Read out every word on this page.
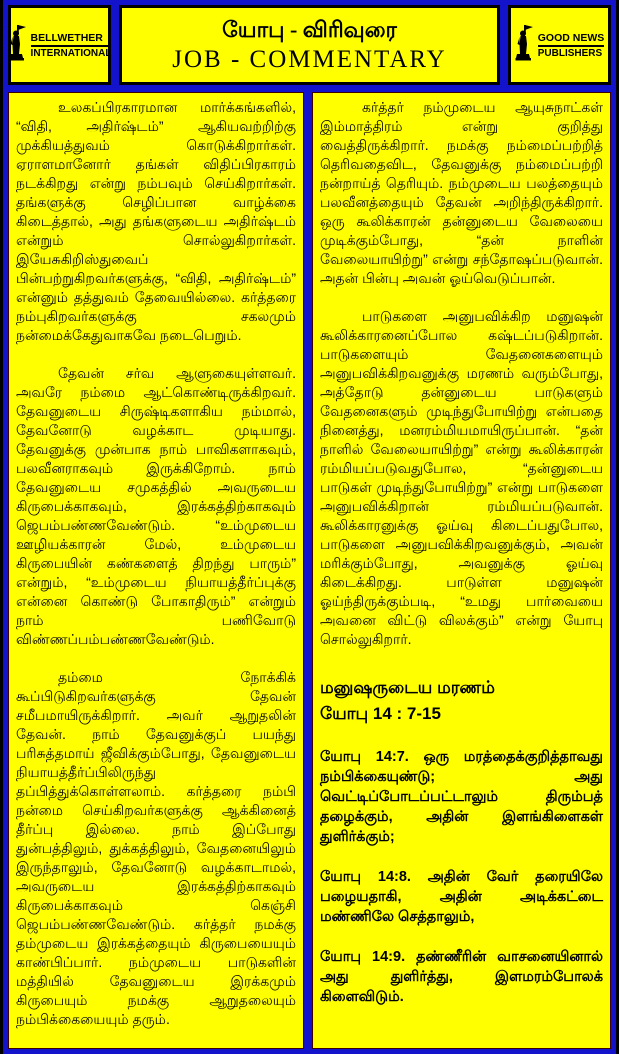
BELLWETHER
INTERNATIONAL
யோபு - விரிவுரை
JOB - COMMENTARY
GOOD NEWS
PUBLISHERS

உலகப்பிரகாரமான மார்க்கங்களில், “விதி, அதிர்ஷ்டம்” ஆகியவற்றிற்கு முக்கியத்துவம் கொடுக்கிறார்கள். ஏராளமானோர் தங்கள் விதிப்பிரகாரம் நடக்கிறது என்று நம்பவும் செய்கிறார்கள். தங்களுக்கு செழிப்பான வாழ்க்கை கிடைத்தால், அது தங்களுடைய அதிர்ஷ்டம் என்றும் சொல்லுகிறார்கள். இயேசுகிறிஸ்துவைப் பின்பற்றுகிறவர்களுக்கு, “விதி, அதிர்ஷ்டம்” என்னும் தத்துவம் தேவையில்லை. கர்த்தரை நம்புகிறவர்களுக்கு சகலமும் நன்மைக்கேதுவாகவே நடைபெறும்.

தேவன் சர்வ ஆளுகையுள்ளவர். அவரே நம்மை ஆட்கொண்டிருக்கிறவர். தேவனுடைய சிருஷ்டிகளாகிய நம்மால், தேவனோடு வழக்காட முடியாது. தேவனுக்கு முன்பாக நாம் பாவிகளாகவும், பலவீனராகவும் இருக்கிறோம். நாம் தேவனுடைய சமுகத்தில் அவருடைய கிருபைக்காகவும், இரக்கத்திற்காகவும் ஜெபம்பண்ணவேண்டும். “உம்முடைய ஊழியக்காரன் மேல், உம்முடைய கிருபையின் கண்களைத் திறந்து பாரும்” என்றும், “உம்முடைய நியாயத்தீர்ப்புக்கு என்னை கொண்டு போகாதிரும்” என்றும் நாம் பணிவோடு விண்ணப்பம்பண்ணவேண்டும்.

தம்மை நோக்கிக் கூப்பிடுகிறவர்களுக்கு தேவன் சமீபமாயிருக்கிறார். அவர் ஆறுதலின் தேவன். நாம் தேவனுக்குப் பயந்து பரிசுத்தமாய் ஜீவிக்கும்போது, தேவனுடைய நியாயத்தீர்ப்பிலிருந்து தப்பித்துக்கொள்ளலாம். கர்த்தரை நம்பி நன்மை செய்கிறவர்களுக்கு ஆக்கினைத் தீர்ப்பு இல்லை. நாம் இப்போது துன்பத்திலும், துக்கத்திலும், வேதனையிலும் இருந்தாலும், தேவனோடு வழக்காடாமல், அவருடைய இரக்கத்திற்காகவும் கிருபைக்காகவும் கெஞ்சி ஜெபம்பண்ணவேண்டும். கர்த்தர் நமக்கு தம்முடைய இரக்கத்தையும் கிருபையையும் காண்பிப்பார். நம்முடைய பாடுகளின் மத்தியில் தேவனுடைய இரக்கமும் கிருபையும் நமக்கு ஆறுதலையும் நம்பிக்கையையும் தரும்.

கர்த்தர் நம்முடைய ஆயுசுநாட்கள் இம்மாத்திரம் என்று குறித்து வைத்திருக்கிறார். நமக்கு நம்மைப்பற்றித் தெரிவதைவிட, தேவனுக்கு நம்மைப்பற்றி நன்றாய்த் தெரியும். நம்முடைய பலத்தையும் பலவீனத்தையும் தேவன் அறிந்திருக்கிறார். ஒரு கூலிக்காரன் தன்னுடைய வேலையை முடிக்கும்போது, “தன் நாளின் வேலையாயிற்று” என்று சந்தோஷப்படுவான். அதன் பின்பு அவன் ஓய்வெடுப்பான்.

பாடுகளை அனுபவிக்கிற மனுஷன் கூலிக்காரனைப்போல கஷ்டப்படுகிறான். பாடுகளையும் வேதனைகளையும் அனுபவிக்கிறவனுக்கு மரணம் வரும்போது, அத்தோடு தன்னுடைய பாடுகளும் வேதனைகளும் முடிந்துபோயிற்று என்பதை நினைத்து, மனரம்மியமாயிருப்பான். “தன் நாளில் வேலையாயிற்று” என்று கூலிக்காரன் ரம்மியப்படுவதுபோல, “தன்னுடைய பாடுகள் முடிந்துபோயிற்று” என்று பாடுகளை அனுபவிக்கிறான் ரம்மியப்படுவான். கூலிக்காரனுக்கு ஓய்வு கிடைப்பதுபோல, பாடுகளை அனுபவிக்கிறவனுக்கும், அவன் மரிக்கும்போது, அவனுக்கு ஓய்வு கிடைக்கிறது. பாடுள்ள மனுஷன் ஓய்ந்திருக்கும்படி, “உமது பார்வையை அவனை விட்டு விலக்கும்” என்று யோபு சொல்லுகிறார்.

மனுஷருடைய மரணம்
யோபு 14 : 7-15

யோபு 14:7. ஒரு மரத்தைக்குறித்தாவது நம்பிக்கையுண்டு; அது வெட்டிப்போடப்பட்டாலும் திரும்பத் தழைக்கும், அதின் இளங்கிளைகள் துளிர்க்கும்;

யோபு 14:8. அதின் வேர் தரையிலே பழையதாகி, அதின் அடிக்கட்டை மண்ணிலே செத்தாலும்,

யோபு 14:9. தண்ணீரின் வாசனையினால் அது துளிர்த்து, இளமரம்போலக் கிளைவிடும்.
